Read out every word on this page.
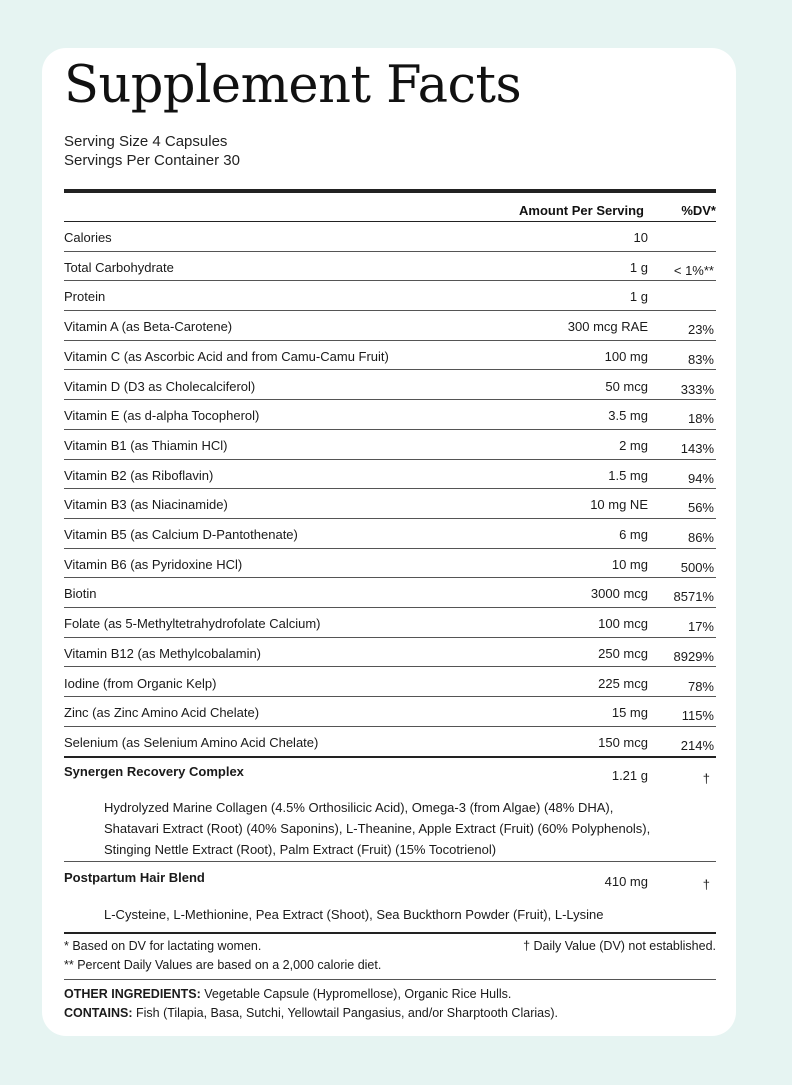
Supplement Facts
Serving Size 4 Capsules
Servings Per Container 30
Amount Per Serving	%DV*
Calories	10
Total Carbohydrate	1 g < 1%**
Protein	1 g
Vitamin A (as Beta-Carotene)	300 mcg RAE	23%
Vitamin C (as Ascorbic Acid and from Camu-Camu Fruit)	100 mg	83%
Vitamin D (D3 as Cholecalciferol)	50 mcg	333%
Vitamin E (as d-alpha Tocopherol)	3.5 mg	18%
Vitamin B1 (as Thiamin HCl)	2 mg	143%
Vitamin B2 (as Riboflavin)	1.5 mg	94%
Vitamin B3 (as Niacinamide)	10 mg NE	56%
Vitamin B5 (as Calcium D-Pantothenate)	6 mg	86%
Vitamin B6 (as Pyridoxine HCl)	10 mg	500%
Biotin	3000 mcg 8571%
Folate (as 5-Methyltetrahydrofolate Calcium)	100 mcg	17%
Vitamin B12 (as Methylcobalamin)	250 mcg 8929%
Iodine (from Organic Kelp)	225 mcg	78%
Zinc (as Zinc Amino Acid Chelate)	15 mg	115%
Selenium (as Selenium Amino Acid Chelate)	150 mcg	214%
Synergen Recovery Complex	1.21 g	†

Hydrolyzed Marine Collagen (4.5% Orthosilicic Acid), Omega-3 (from Algae) (48% DHA), Shatavari Extract (Root) (40% Saponins), L-Theanine, Apple Extract (Fruit) (60% Polyphenols), Stinging Nettle Extract (Root), Palm Extract (Fruit) (15% Tocotrienol)

Postpartum Hair Blend	410 mg	†

L-Cysteine, L-Methionine, Pea Extract (Shoot), Sea Buckthorn Powder (Fruit), L-Lysine

* Based on DV for lactating women.	† Daily Value (DV) not established.
** Percent Daily Values are based on a 2,000 calorie diet.
OTHER INGREDIENTS: Vegetable Capsule (Hypromellose), Organic Rice Hulls.
CONTAINS: Fish (Tilapia, Basa, Sutchi, Yellowtail Pangasius, and/or Sharptooth Clarias).
